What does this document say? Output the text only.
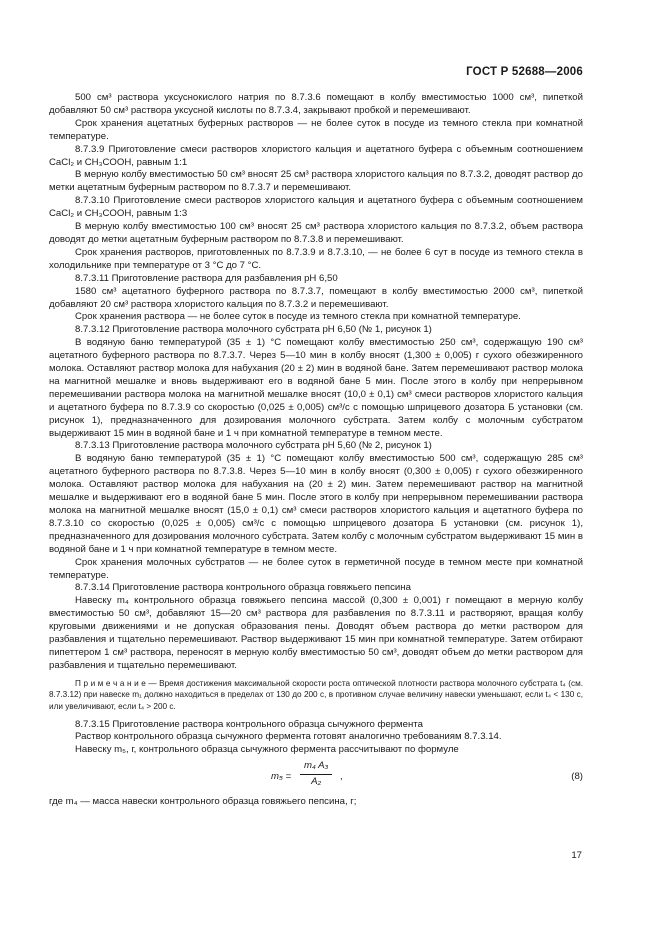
ГОСТ Р 52688—2006

500 см³ раствора уксуснокислого натрия по 8.7.3.6 помещают в колбу вместимостью 1000 см³, пипеткой добавляют 50 см³ раствора уксусной кислоты по 8.7.3.4, закрывают пробкой и перемешивают.

Срок хранения ацетатных буферных растворов — не более суток в посуде из темного стекла при комнатной температуре.

8.7.3.9 Приготовление смеси растворов хлористого кальция и ацетатного буфера с объемным соотношением CaCl₂ и CH₃COOH, равным 1:1

В мерную колбу вместимостью 50 см³ вносят 25 см³ раствора хлористого кальция по 8.7.3.2, доводят раствор до метки ацетатным буферным раствором по 8.7.3.7 и перемешивают.

8.7.3.10 Приготовление смеси растворов хлористого кальция и ацетатного буфера с объемным соотношением CaCl₂ и CH₃COOH, равным 1:3

В мерную колбу вместимостью 100 см³ вносят 25 см³ раствора хлористого кальция по 8.7.3.2, объем раствора доводят до метки ацетатным буферным раствором по 8.7.3.8 и перемешивают.

Срок хранения растворов, приготовленных по 8.7.3.9 и 8.7.3.10, — не более 6 сут в посуде из темного стекла в холодильнике при температуре от 3 °С до 7 °С.

8.7.3.11 Приготовление раствора для разбавления рН 6,50

1580 см³ ацетатного буферного раствора по 8.7.3.7, помещают в колбу вместимостью 2000 см³, пипеткой добавляют 20 см³ раствора хлористого кальция по 8.7.3.2 и перемешивают.

Срок хранения раствора — не более суток в посуде из темного стекла при комнатной температуре.

8.7.3.12 Приготовление раствора молочного субстрата рН 6,50 (№ 1, рисунок 1)

В водяную баню температурой (35 ± 1) °С помещают колбу вместимостью 250 см³, содержащую 190 см³ ацетатного буферного раствора по 8.7.3.7. Через 5—10 мин в колбу вносят (1,300 ± 0,005) г сухого обезжиренного молока. Оставляют раствор молока для набухания (20 ± 2) мин в водяной бане. Затем перемешивают раствор молока на магнитной мешалке и вновь выдерживают его в водяной бане 5 мин. После этого в колбу при непрерывном перемешивании раствора молока на магнитной мешалке вносят (10,0 ± 0,1) см³ смеси растворов хлористого кальция и ацетатного буфера по 8.7.3.9 со скоростью (0,025 ± 0,005) см³/с с помощью шприцевого дозатора Б установки (см. рисунок 1), предназначенного для дозирования молочного субстрата. Затем колбу с молочным субстратом выдерживают 15 мин в водяной бане и 1 ч при комнатной температуре в темном месте.

8.7.3.13 Приготовление раствора молочного субстрата рН 5,60 (№ 2, рисунок 1)

В водяную баню температурой (35 ± 1) °С помещают колбу вместимостью 500 см³, содержащую 285 см³ ацетатного буферного раствора по 8.7.3.8. Через 5—10 мин в колбу вносят (0,300 ± 0,005) г сухого обезжиренного молока. Оставляют раствор молока для набухания на (20 ± 2) мин. Затем перемешивают раствор на магнитной мешалке и выдерживают его в водяной бане 5 мин. После этого в колбу при непрерывном перемешивании раствора молока на магнитной мешалке вносят (15,0 ± 0,1) см³ смеси растворов хлористого кальция и ацетатного буфера по 8.7.3.10 со скоростью (0,025 ± 0,005) см³/с с помощью шприцевого дозатора Б установки (см. рисунок 1), предназначенного для дозирования молочного субстрата. Затем колбу с молочным субстратом выдерживают 15 мин в водяной бане и 1 ч при комнатной температуре в темном месте.

Срок хранения молочных субстратов — не более суток в герметичной посуде в темном месте при комнатной температуре.

8.7.3.14 Приготовление раствора контрольного образца говяжьего пепсина

Навеску m₄ контрольного образца говяжьего пепсина массой (0,300 ± 0,001) г помещают в мерную колбу вместимостью 50 см³, добавляют 15—20 см³ раствора для разбавления по 8.7.3.11 и растворяют, вращая колбу круговыми движениями и не допуская образования пены. Доводят объем раствора до метки раствором для разбавления и тщательно перемешивают. Раствор выдерживают 15 мин при комнатной температуре. Затем отбирают пипеттером 1 см³ раствора, переносят в мерную колбу вместимостью 50 см³, доводят объем до метки раствором для разбавления и тщательно перемешивают.

П р и м е ч а н и е — Время достижения максимальной скорости роста оптической плотности раствора молочного субстрата t₄ (см. 8.7.3.12) при навеске m₁ должно находиться в пределах от 130 до 200 с, в противном случае величину навески уменьшают, если t₄ < 130 с, или увеличивают, если t₄ > 200 с.

8.7.3.15 Приготовление раствора контрольного образца сычужного фермента

Раствор контрольного образца сычужного фермента готовят аналогично требованиям 8.7.3.14.

Навеску m₅, г, контрольного образца сычужного фермента рассчитывают по формуле

$m_5 = \frac{\text{m₄ A₃}}{\text{A₂}}$ ,	(8)

где m₄ — масса навески контрольного образца говяжьего пепсина, г;

17
